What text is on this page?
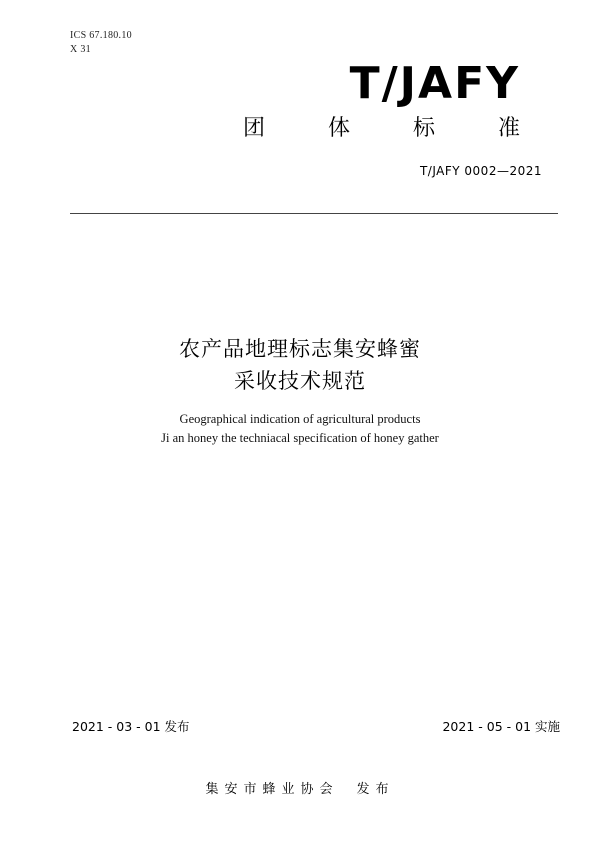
ICS 67.180.10
X 31
T/JAFY
团 体 标 准
T/JAFY 0002—2021
农产品地理标志集安蜂蜜
采收技术规范
Geographical indication of agricultural products
Ji an honey the techniacal specification of honey gather
2021 - 03 - 01 发布	2021 - 05 - 01 实施
集安市蜂业协会 发布
